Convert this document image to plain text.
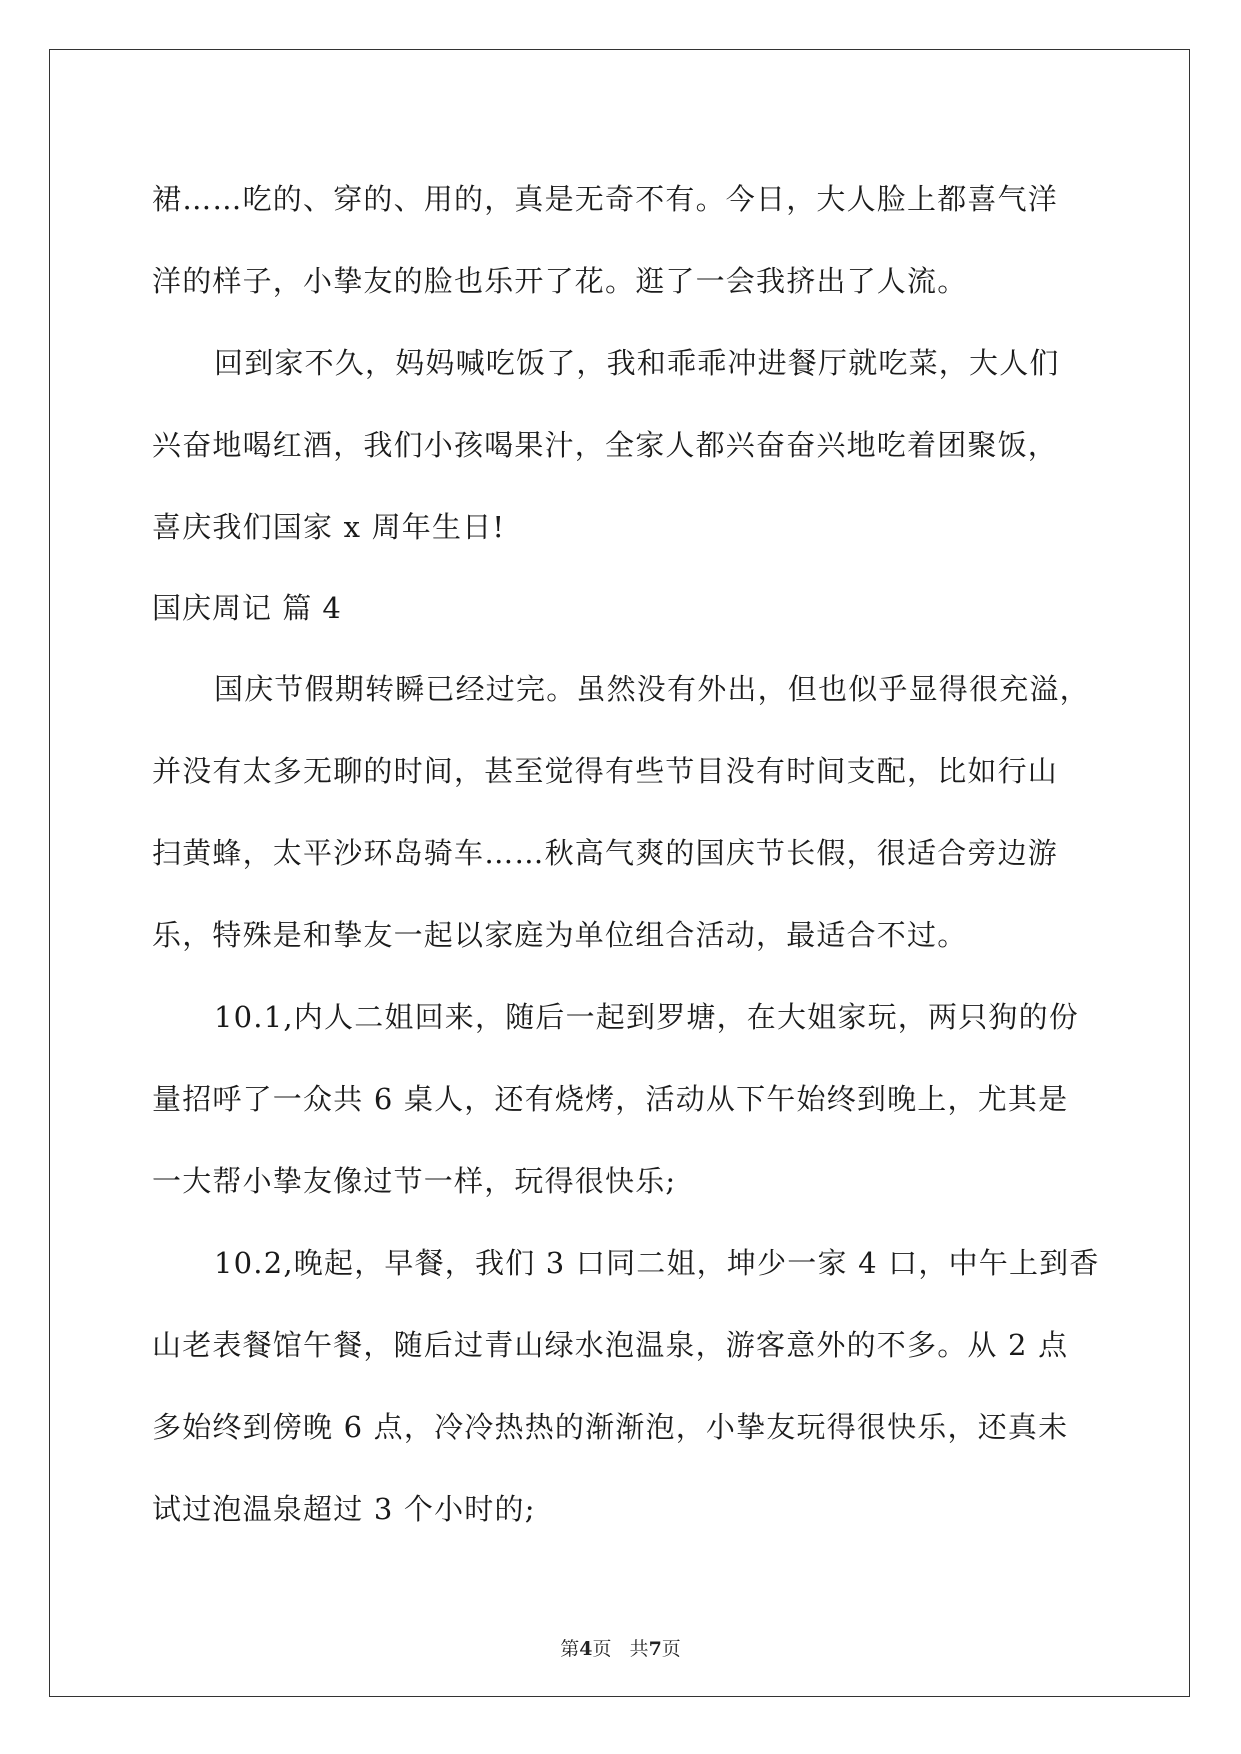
裙……吃的、穿的、用的，真是无奇不有。今日，大人脸上都喜气洋
洋的样子，小挚友的脸也乐开了花。逛了一会我挤出了人流。
回到家不久，妈妈喊吃饭了，我和乖乖冲进餐厅就吃菜，大人们
兴奋地喝红酒，我们小孩喝果汁，全家人都兴奋奋兴地吃着团聚饭，
喜庆我们国家 x 周年生日!
国庆周记 篇 4
国庆节假期转瞬已经过完。虽然没有外出，但也似乎显得很充溢，
并没有太多无聊的时间，甚至觉得有些节目没有时间支配，比如行山
扫黄蜂，太平沙环岛骑车……秋高气爽的国庆节长假，很适合旁边游
乐，特殊是和挚友一起以家庭为单位组合活动，最适合不过。
10.1,内人二姐回来，随后一起到罗塘，在大姐家玩，两只狗的份
量招呼了一众共 6 桌人，还有烧烤，活动从下午始终到晚上，尤其是
一大帮小挚友像过节一样，玩得很快乐;
10.2,晚起，早餐，我们 3 口同二姐，坤少一家 4 口，中午上到香
山老表餐馆午餐，随后过青山绿水泡温泉，游客意外的不多。从 2 点
多始终到傍晚 6 点，冷冷热热的渐渐泡，小挚友玩得很快乐，还真未
试过泡温泉超过 3 个小时的;
第4页   共7页
